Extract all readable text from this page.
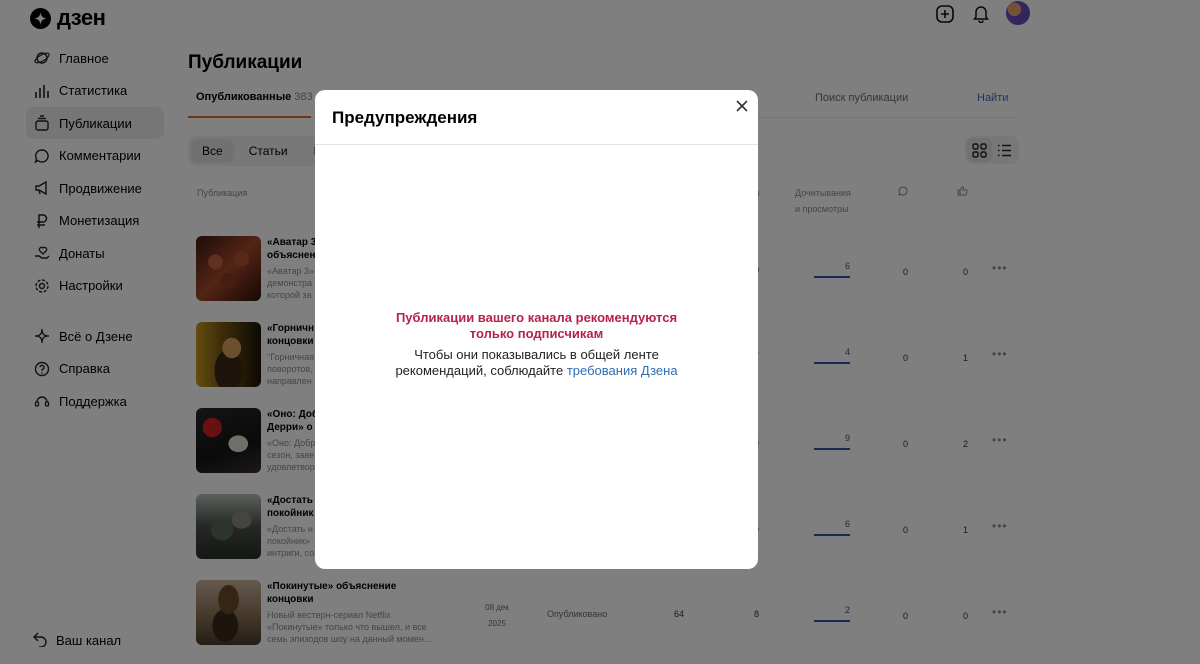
Предупреждения
Публикации вашего канала рекомендуются только подписчикам
Чтобы они показывались в общей ленте рекомендаций, соблюдайте требования Дзена
